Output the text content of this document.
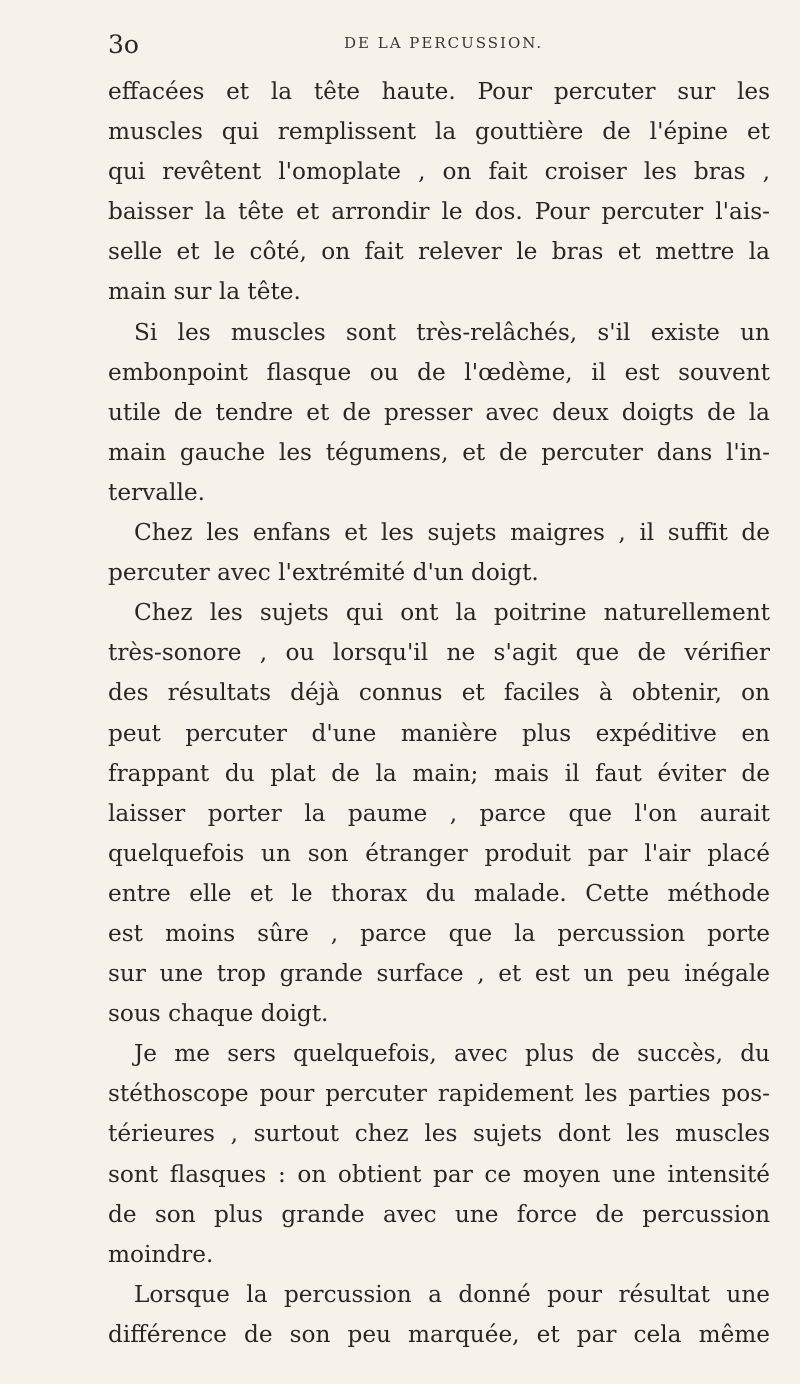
3o	DE LA PERCUSSION.
effacées et la tête haute. Pour percuter sur les
muscles qui remplissent la gouttière de l'épine et
qui revêtent l'omoplate , on fait croiser les bras ,
baisser la tête et arrondir le dos. Pour percuter l'ais-
selle et le côté, on fait relever le bras et mettre la
main sur la tête.
Si les muscles sont très-relâchés, s'il existe un
embonpoint flasque ou de l'œdème, il est souvent
utile de tendre et de presser avec deux doigts de la
main gauche les tégumens, et de percuter dans l'in-
tervalle.
Chez les enfans et les sujets maigres , il suffit de
percuter avec l'extrémité d'un doigt.
Chez les sujets qui ont la poitrine naturellement
très-sonore , ou lorsqu'il ne s'agit que de vérifier
des résultats déjà connus et faciles à obtenir, on
peut percuter d'une manière plus expéditive en
frappant du plat de la main; mais il faut éviter de
laisser porter la paume , parce que l'on aurait
quelquefois un son étranger produit par l'air placé
entre elle et le thorax du malade. Cette méthode
est moins sûre , parce que la percussion porte
sur une trop grande surface , et est un peu inégale
sous chaque doigt.
Je me sers quelquefois, avec plus de succès, du
stéthoscope pour percuter rapidement les parties pos-
térieures , surtout chez les sujets dont les muscles
sont flasques : on obtient par ce moyen une intensité
de son plus grande avec une force de percussion
moindre.
Lorsque la percussion a donné pour résultat une
différence de son peu marquée, et par cela même
